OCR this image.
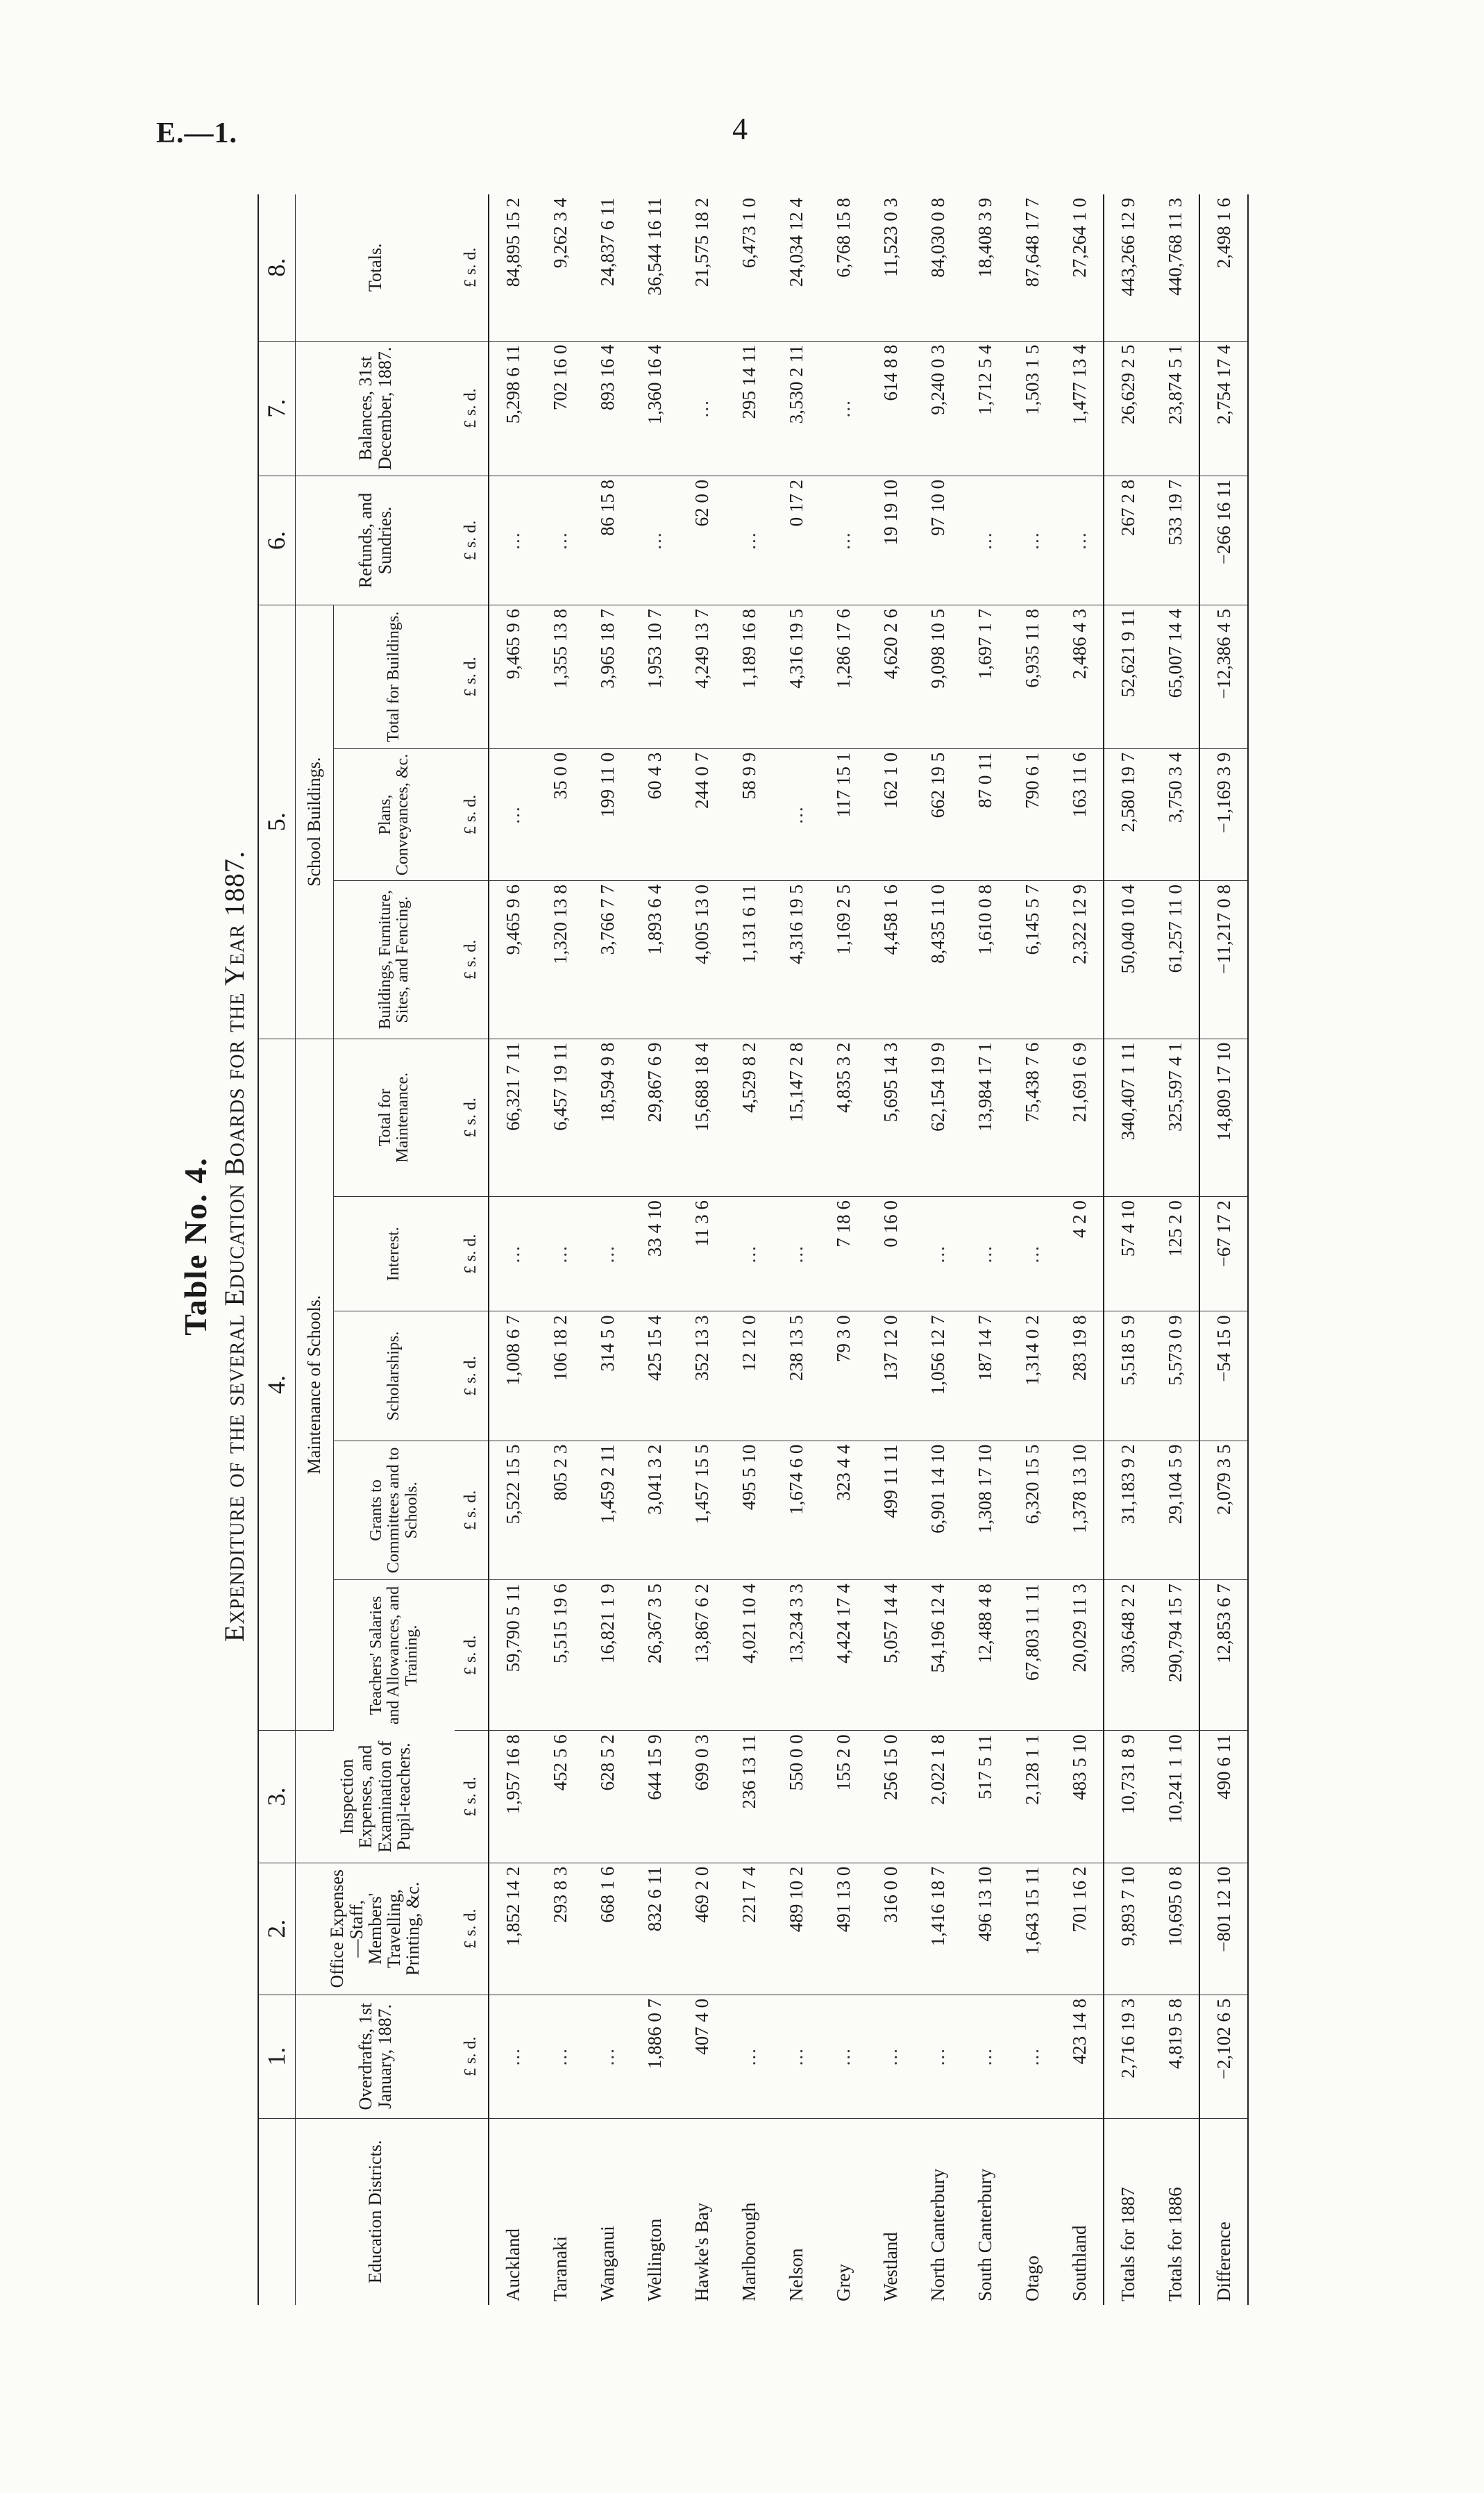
E.—1.	4
Table No. 4. Expenditure of the several Education Boards for the Year 1887.
	1.	2.	3.	4.					5.			6.	7.	8.
Education Districts.	Overdrafts, 1st January, 1887.	Office Expenses—Staff, Members' Travelling, Printing, &c.	Inspection Expenses, and Examination of Pupil-teachers.	Maintenance of Schools.					School Buildings.			Refunds, and Sundries.	Balances, 31st December, 1887.	Totals.
				Teachers' Salaries and Allowances, and Training.	Grants to Committees and to Schools.	Scholarships.	Interest.	Total for Maintenance.	Buildings, Furniture, Sites, and Fencing.	Plans, Conveyances, &c.	Total for Buildings.			
	£ s. d.	£ s. d.	£ s. d.	£ s. d.	£ s. d.	£ s. d.	£ s. d.	£ s. d.	£ s. d.	£ s. d.	£ s. d.	£ s. d.	£ s. d.	£ s. d.
Auckland	...	1,852 14 2	1,957 16 8	59,790 5 11	5,522 15 5	1,008 6 7	...	66,321 7 11	9,465 9 6	...	9,465 9 6	...	5,298 6 11	84,895 15 2
Taranaki	...	293 8 3	452 5 6	5,515 19 6	805 2 3	106 18 2	...	6,457 19 11	1,320 13 8	35 0 0	1,355 13 8	...	702 16 0	9,262 3 4
Wanganui	...	668 1 6	628 5 2	16,821 1 9	1,459 2 11	314 5 0	...	18,594 9 8	3,766 7 7	199 11 0	3,965 18 7	86 15 8	893 16 4	24,837 6 11
Wellington	1,886 0 7	832 6 11	644 15 9	26,367 3 5	3,041 3 2	425 15 4	33 4 10	29,867 6 9	1,893 6 4	60 4 3	1,953 10 7	...	1,360 16 4	36,544 16 11
Hawke's Bay	407 4 0	469 2 0	699 0 3	13,867 6 2	1,457 15 5	352 13 3	11 3 6	15,688 18 4	4,005 13 0	244 0 7	4,249 13 7	62 0 0	...	21,575 18 2
Marlborough	...	221 7 4	236 13 11	4,021 10 4	495 5 10	12 12 0	...	4,529 8 2	1,131 6 11	58 9 9	1,189 16 8	...	295 14 11	6,473 1 0
Nelson	...	489 10 2	550 0 0	13,234 3 3	1,674 6 0	238 13 5	...	15,147 2 8	4,316 19 5	...	4,316 19 5	0 17 2	3,530 2 11	24,034 12 4
Grey	...	491 13 0	155 2 0	4,424 17 4	323 4 4	79 3 0	7 18 6	4,835 3 2	1,169 2 5	117 15 1	1,286 17 6	...	...	6,768 15 8
Westland	...	316 0 0	256 15 0	5,057 14 4	499 11 11	137 12 0	0 16 0	5,695 14 3	4,458 1 6	162 1 0	4,620 2 6	19 19 10	614 8 8	11,523 0 3
North Canterbury	...	1,416 18 7	2,022 1 8	54,196 12 4	6,901 14 10	1,056 12 7	...	62,154 19 9	8,435 11 0	662 19 5	9,098 10 5	97 10 0	9,240 0 3	84,030 0 8
South Canterbury	...	496 13 10	517 5 11	12,488 4 8	1,308 17 10	187 14 7	...	13,984 17 1	1,610 0 8	87 0 11	1,697 1 7	...	1,712 5 4	18,408 3 9
Otago	...	1,643 15 11	2,128 1 1	67,803 11 11	6,320 15 5	1,314 0 2	...	75,438 7 6	6,145 5 7	790 6 1	6,935 11 8	...	1,503 1 5	87,648 17 7
Southland	423 14 8	701 16 2	483 5 10	20,029 11 3	1,378 13 10	283 19 8	4 2 0	21,691 6 9	2,322 12 9	163 11 6	2,486 4 3	...	1,477 13 4	27,264 1 0
Totals for 1887	2,716 19 3	9,893 7 10	10,731 8 9	303,648 2 2	31,183 9 2	5,518 5 9	57 4 10	340,407 1 11	50,040 10 4	2,580 19 7	52,621 9 11	267 2 8	26,629 2 5	443,266 12 9
Totals for 1886	4,819 5 8	10,695 0 8	10,241 1 10	290,794 15 7	29,104 5 9	5,573 0 9	125 2 0	325,597 4 1	61,257 11 0	3,750 3 4	65,007 14 4	533 19 7	23,874 5 1	440,768 11 3
Difference	−2,102 6 5	−801 12 10	490 6 11	12,853 6 7	2,079 3 5	−54 15 0	−67 17 2	14,809 17 10	−11,217 0 8	−1,169 3 9	−12,386 4 5	−266 16 11	2,754 17 4	2,498 1 6
